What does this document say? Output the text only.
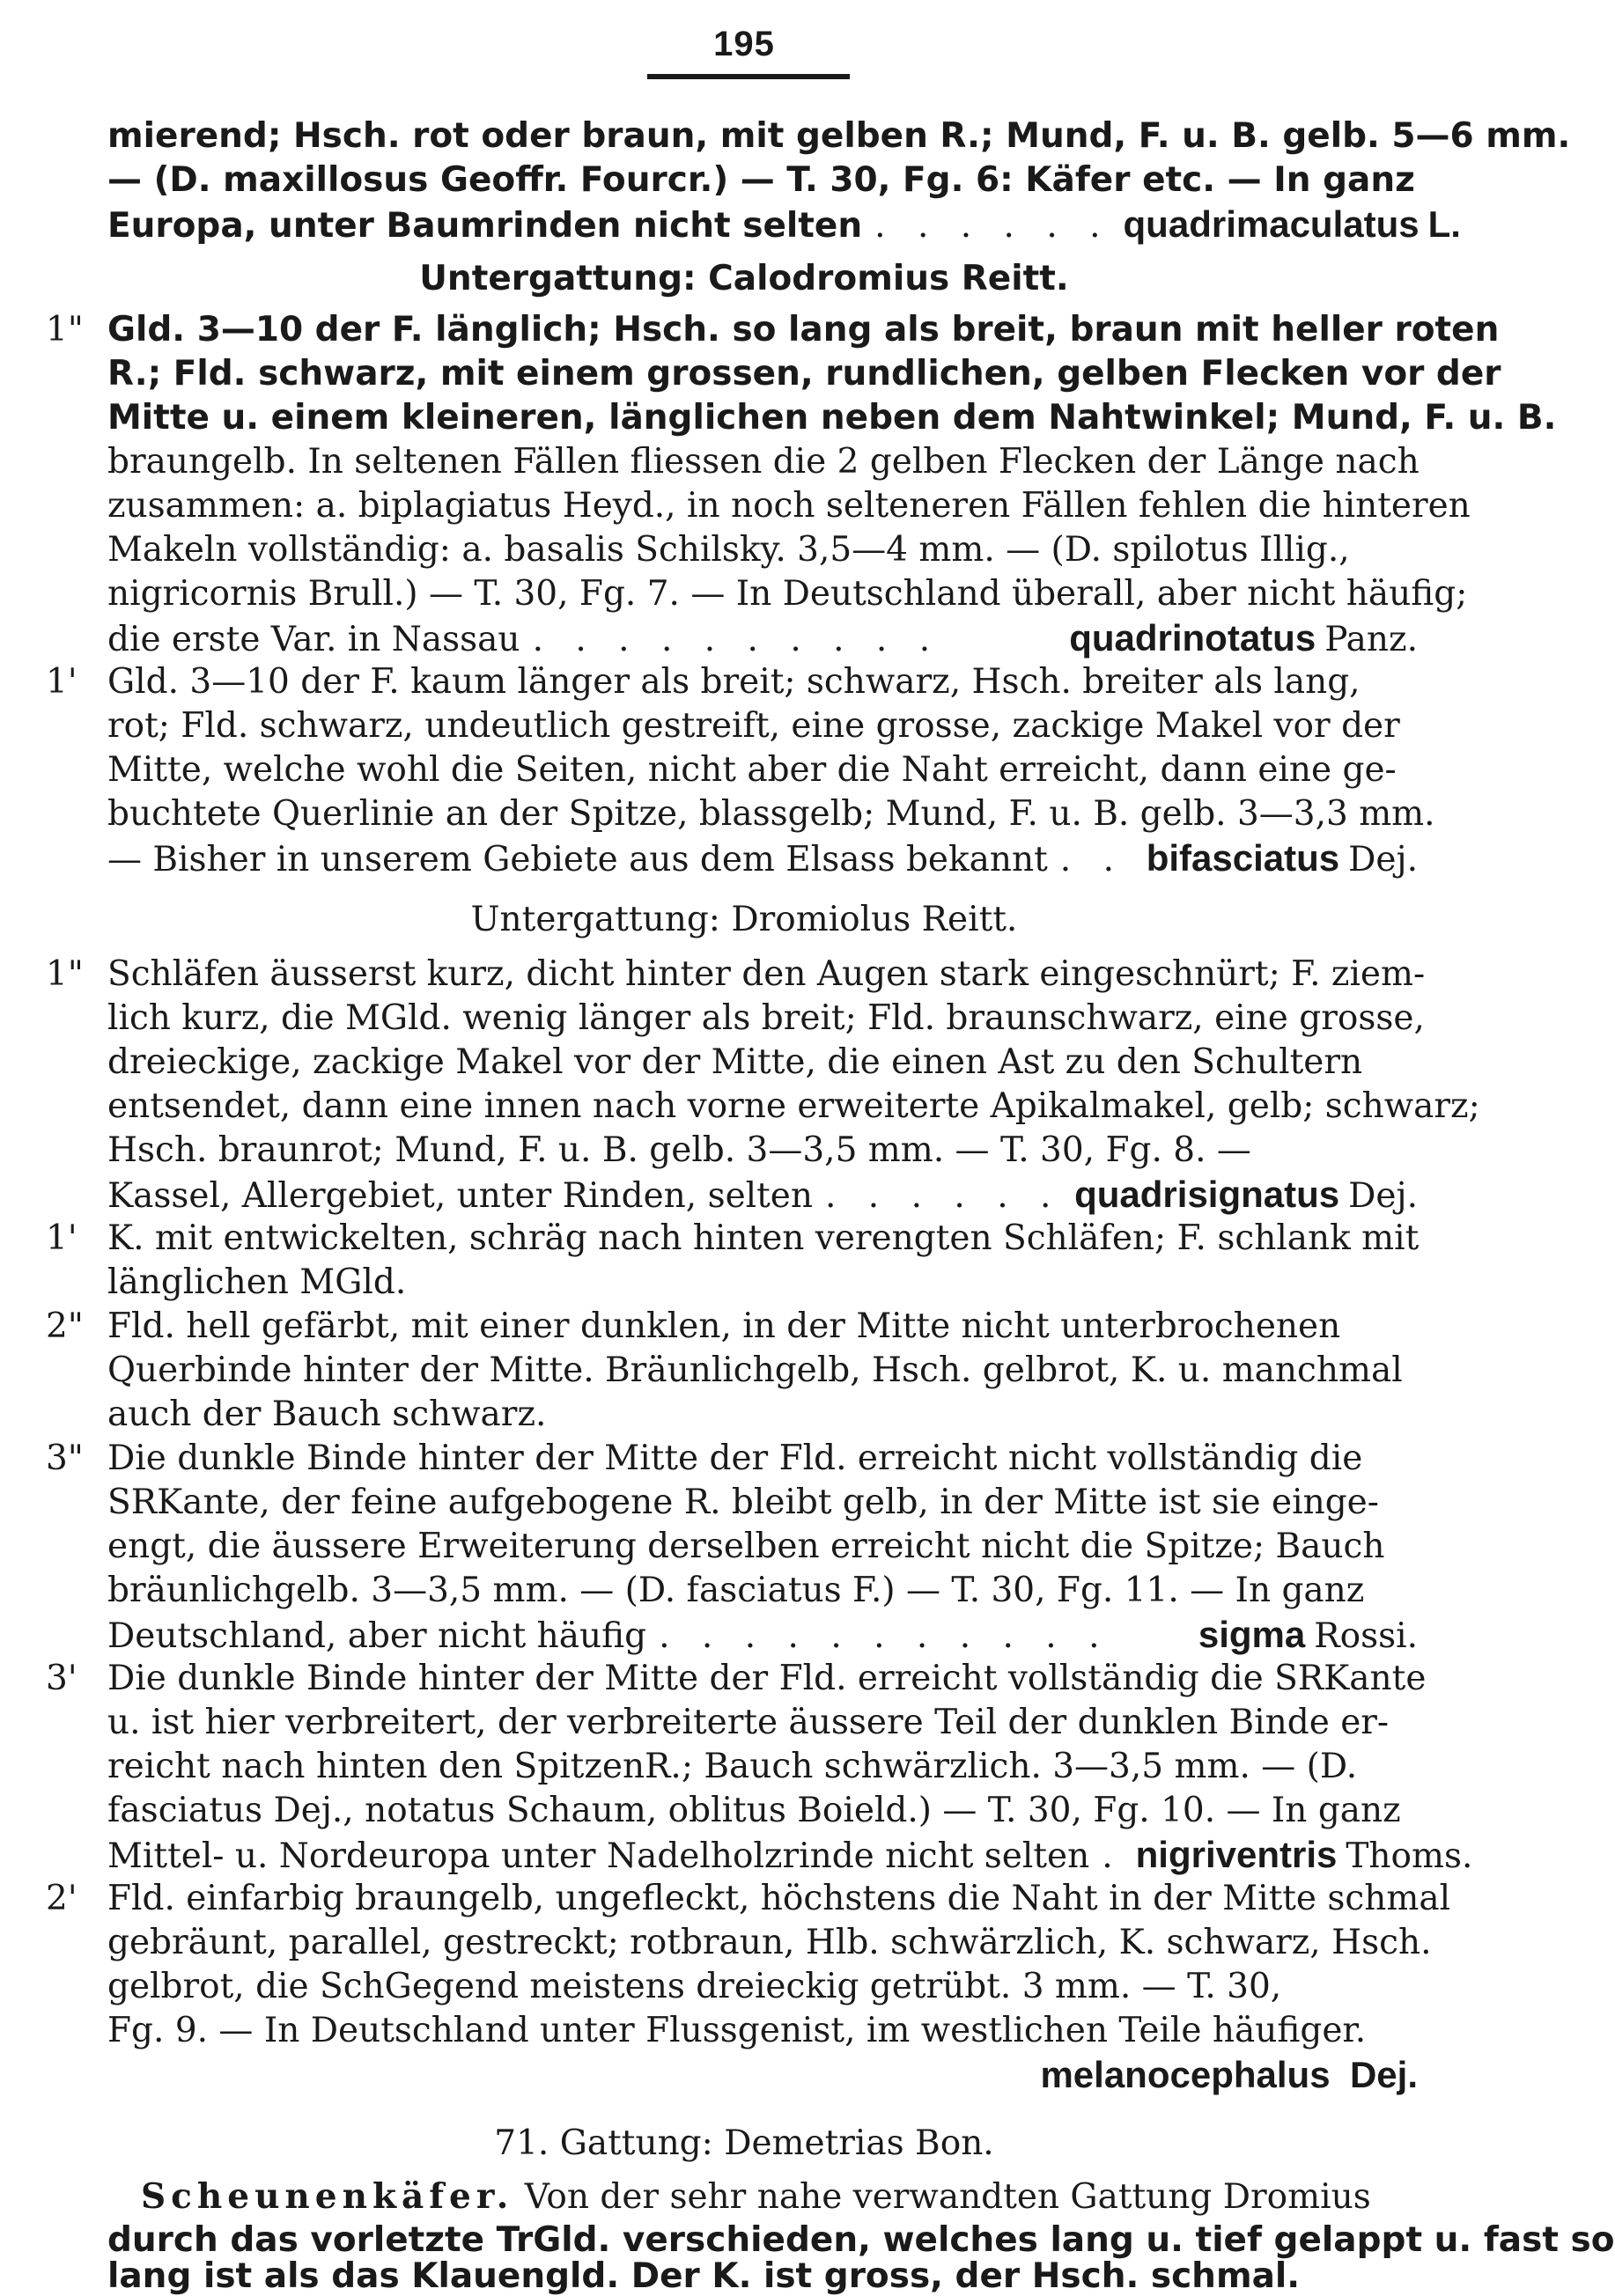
195
mierend; Hsch. rot oder braun, mit gelben R.; Mund, F. u. B. gelb. 5—6 mm.
— (D. maxillosus Geoffr. Fourcr.) — T. 30, Fg. 6: Käfer etc. — In ganz
Europa, unter Baumrinden nicht selten . . . . . . quadrimaculatus L.
Untergattung: Calodromius Reitt.
1" Gld. 3—10 der F. länglich; Hsch. so lang als breit, braun mit heller roten
R.; Fld. schwarz, mit einem grossen, rundlichen, gelben Flecken vor der
Mitte u. einem kleineren, länglichen neben dem Nahtwinkel; Mund, F. u. B.
braungelb. In seltenen Fällen fliessen die 2 gelben Flecken der Länge nach
zusammen: a. biplagiatus Heyd., in noch selteneren Fällen fehlen die hinteren
Makeln vollständig: a. basalis Schilsky. 3,5—4 mm. — (D. spilotus Illig.,
nigricornis Brull.) — T. 30, Fg. 7. — In Deutschland überall, aber nicht häufig;
die erste Var. in Nassau . . . . . . . . . .	quadrinotatus Panz.
1' Gld. 3—10 der F. kaum länger als breit; schwarz, Hsch. breiter als lang,
rot; Fld. schwarz, undeutlich gestreift, eine grosse, zackige Makel vor der
Mitte, welche wohl die Seiten, nicht aber die Naht erreicht, dann eine ge-
buchtete Querlinie an der Spitze, blassgelb; Mund, F. u. B. gelb. 3—3,3 mm.
— Bisher in unserem Gebiete aus dem Elsass bekannt . . bifasciatus Dej.
Untergattung: Dromiolus Reitt.
1" Schläfen äusserst kurz, dicht hinter den Augen stark eingeschnürt; F. ziem-
lich kurz, die MGld. wenig länger als breit; Fld. braunschwarz, eine grosse,
dreieckige, zackige Makel vor der Mitte, die einen Ast zu den Schultern
entsendet, dann eine innen nach vorne erweiterte Apikalmakel, gelb; schwarz;
Hsch. braunrot; Mund, F. u. B. gelb. 3—3,5 mm. — T. 30, Fg. 8. —
Kassel, Allergebiet, unter Rinden, selten . . . . . . quadrisignatus Dej.
1' K. mit entwickelten, schräg nach hinten verengten Schläfen; F. schlank mit
länglichen MGld.
2" Fld. hell gefärbt, mit einer dunklen, in der Mitte nicht unterbrochenen
Querbinde hinter der Mitte. Bräunlichgelb, Hsch. gelbrot, K. u. manchmal
auch der Bauch schwarz.
3" Die dunkle Binde hinter der Mitte der Fld. erreicht nicht vollständig die
SRKante, der feine aufgebogene R. bleibt gelb, in der Mitte ist sie einge-
engt, die äussere Erweiterung derselben erreicht nicht die Spitze; Bauch
bräunlichgelb. 3—3,5 mm. — (D. fasciatus F.) — T. 30, Fg. 11. — In ganz
Deutschland, aber nicht häufig . . . . . . . . . . .	sigma Rossi.
3' Die dunkle Binde hinter der Mitte der Fld. erreicht vollständig die SRKante
u. ist hier verbreitert, der verbreiterte äussere Teil der dunklen Binde er-
reicht nach hinten den SpitzenR.; Bauch schwärzlich. 3—3,5 mm. — (D.
fasciatus Dej., notatus Schaum, oblitus Boield.) — T. 30, Fg. 10. — In ganz
Mittel- u. Nordeuropa unter Nadelholzrinde nicht selten . nigriventris Thoms.
2' Fld. einfarbig braungelb, ungefleckt, höchstens die Naht in der Mitte schmal
gebräunt, parallel, gestreckt; rotbraun, Hlb. schwärzlich, K. schwarz, Hsch.
gelbrot, die SchGegend meistens dreieckig getrübt. 3 mm. — T. 30,
Fg. 9. — In Deutschland unter Flussgenist, im westlichen Teile häufiger.
melanocephalus Dej.
71. Gattung: Demetrias Bon.
Scheunenkäfer. Von der sehr nahe verwandten Gattung Dromius
durch das vorletzte TrGld. verschieden, welches lang u. tief gelappt u. fast so
lang ist als das Klauengld. Der K. ist gross, der Hsch. schmal.
